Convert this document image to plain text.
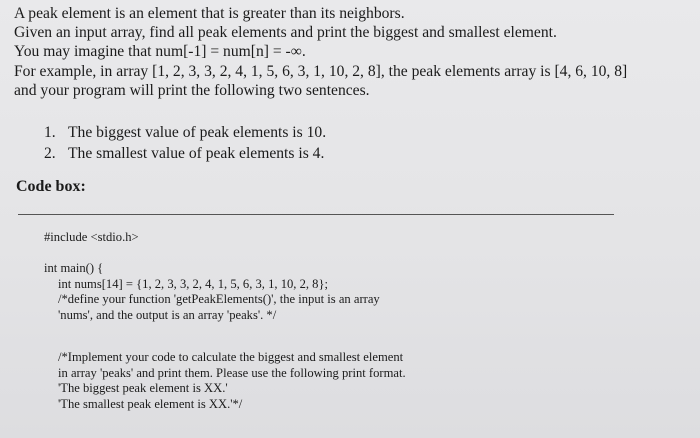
A peak element is an element that is greater than its neighbors.
Given an input array, find all peak elements and print the biggest and smallest element.
You may imagine that num[-1] = num[n] = -∞.
For example, in array [1, 2, 3, 3, 2, 4, 1, 5, 6, 3, 1, 10, 2, 8], the peak elements array is [4, 6, 10, 8]
and your program will print the following two sentences.
1. The biggest value of peak elements is 10.
2. The smallest value of peak elements is 4.
Code box:
#include <stdio.h>
int main() {
int nums[14] = {1, 2, 3, 3, 2, 4, 1, 5, 6, 3, 1, 10, 2, 8};
/*define your function 'getPeakElements()', the input is an array
'nums', and the output is an array 'peaks'. */
/*Implement your code to calculate the biggest and smallest element
in array 'peaks' and print them. Please use the following print format.
'The biggest peak element is XX.'
'The smallest peak element is XX.'*/
